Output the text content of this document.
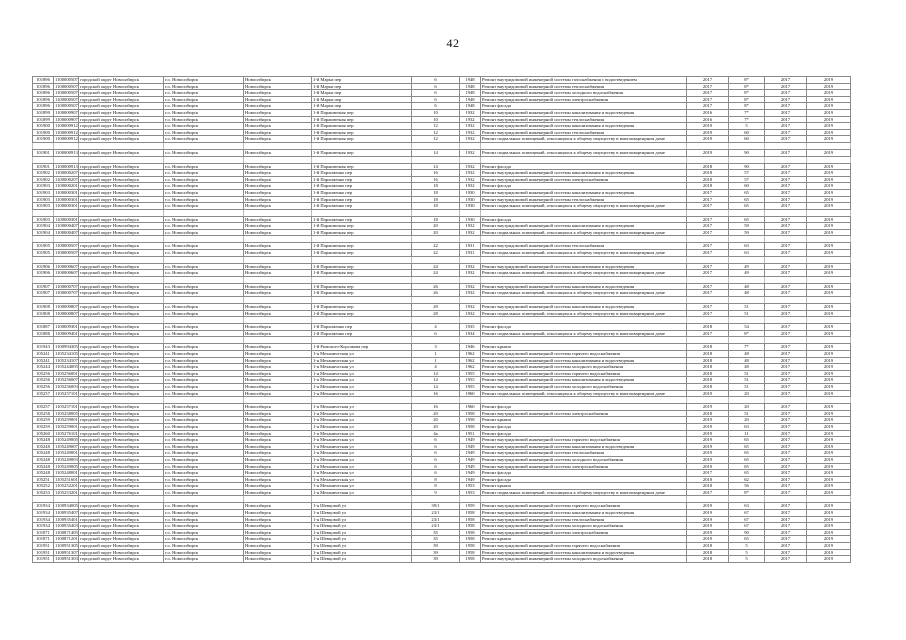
42
101896	1100000507	городской округ Новосибирск	г.о. Новосибирск	Новосибирск	1-й Марьи пер	6	1948	Ремонт внутридомовой инженерной системы газоснабжения с водоотведением	2017	8*	2017	2019
101896	1100000507	городской округ Новосибирск	г.о. Новосибирск	Новосибирск	1-й Марьи пер	6	1948	Ремонт внутридомовой инженерной системы теплоснабжения	2017	8*	2017	2019
101896	1100000507	городской округ Новосибирск	г.о. Новосибирск	Новосибирск	1-й Марьи пер	6	1948	Ремонт внутридомовой инженерной системы холодного водоснабжения	2017	8*	2017	2019
101896	1100000507	городской округ Новосибирск	г.о. Новосибирск	Новосибирск	1-й Марьи пер	6	1948	Ремонт внутридомовой инженерной системы электроснабжения	2017	8*	2017	2019
101896	1100000507	городской округ Новосибирск	г.о. Новосибирск	Новосибирск	1-й Марьи пер	6	1948	Ремонт фасада	2017	8*	2017	2019
101899	1100000907	городской округ Новосибирск	г.о. Новосибирск	Новосибирск	1-й Парашютная пер	10	1932	Ремонт внутридомовой инженерной системы канализования и водоотведения	2016	7*	2017	2019
101899	1100000907	городской округ Новосибирск	г.о. Новосибирск	Новосибирск	1-й Парашютная пер	10	1932	Ремонт внутридомовой инженерной системы теплоснабжения	2016	7*	2017	2019
101900	1100000912	городской округ Новосибирск	г.о. Новосибирск	Новосибирск	1-й Парашютная пер	12	1932	Ремонт внутридомовой инженерной системы канализования и водоотведения	2019	5	2017	2019
101900	1100000912	городской округ Новосибирск	г.о. Новосибирск	Новосибирск	1-й Парашютная пер	12	1932	Ремонт внутридомовой инженерной системы теплоснабжения	2019	60	2017	2019
101900	1100000912	городской округ Новосибирск	г.о. Новосибирск	Новосибирск	1-й Парашютная пер	12	1932	Ремонт подвальных помещений, относящихся к общему имуществу в многоквартирном доме	2019	60	2017	2019

101901	1100000913	городской округ Новосибирск	г.о. Новосибирск	Новосибирск	1-й Парашютная пер	14	1932	Ремонт подвальных помещений, относящихся к общему имуществу в многоквартирном доме	2019	90	2017	2019

101901	1100000913	городской округ Новосибирск	г.о. Новосибирск	Новосибирск	1-й Парашютная пер	14	1932	Ремонт фасада	2018	90	2017	2019
101902	1100000207	городской округ Новосибирск	г.о. Новосибирск	Новосибирск	1-й Пархоменко пер	16	1932	Ремонт внутридомовой инженерной системы канализования и водоотведения	2018	57	2017	2019
101902	1100000207	городской округ Новосибирск	г.о. Новосибирск	Новосибирск	1-й Пархоменко пер	16	1932	Ремонт внутридомовой инженерной системы электроснабжения	2018	57	2017	2019
101903	1100000201	городской округ Новосибирск	г.о. Новосибирск	Новосибирск	1-й Пархоменко пер	18	1932	Ремонт фасада	2018	60	2017	2019
101903	1100000301	городской округ Новосибирск	г.о. Новосибирск	Новосибирск	1-й Пархоменко пер	18	1930	Ремонт внутридомовой инженерной системы канализования и водоотведения	2017	65	2017	2019
101903	1100000301	городской округ Новосибирск	г.о. Новосибирск	Новосибирск	1-й Пархоменко пер	18	1930	Ремонт внутридомовой инженерной системы теплоснабжения	2017	65	2017	2019
101903	1100000301	городской округ Новосибирск	г.о. Новосибирск	Новосибирск	1-й Пархоменко пер	18	1930	Ремонт подвальных помещений, относящихся к общему имуществу в многоквартирном доме	2017	65	2017	2019

101903	1100000301	городской округ Новосибирск	г.о. Новосибирск	Новосибирск	1-й Пархоменко пер	18	1930	Ремонт фасада	2017	65	2017	2019
101904	1100000407	городской округ Новосибирск	г.о. Новосибирск	Новосибирск	1-й Парашютная пер	20	1932	Ремонт внутридомовой инженерной системы канализования и водоотведения	2017	59	2017	2019
101904	1100000407	городской округ Новосибирск	г.о. Новосибирск	Новосибирск	1-й Парашютная пер	20	1932	Ремонт подвальных помещений, относящихся к общему имуществу в многоквартирном доме	2017	59	2017	2019

101905	1100000507	городской округ Новосибирск	г.о. Новосибирск	Новосибирск	1-й Парашютная пер	22	1931	Ремонт внутридомовой инженерной системы теплоснабжения	2017	63	2017	2019
101905	1100000507	городской округ Новосибирск	г.о. Новосибирск	Новосибирск	1-й Парашютная пер	22	1931	Ремонт подвальных помещений, относящихся к общему имуществу в многоквартирном доме	2017	63	2017	2019

101906	1100000607	городской округ Новосибирск	г.о. Новосибирск	Новосибирск	1-й Парашютная пер	24	1932	Ремонт внутридомовой инженерной системы канализования и водоотведения	2017	49	2017	2019
101906	1100000607	городской округ Новосибирск	г.о. Новосибирск	Новосибирск	1-й Парашютная пер	24	1932	Ремонт подвальных помещений, относящихся к общему имуществу в многоквартирном доме	2017	49	2017	2019

101907	1100000707	городской округ Новосибирск	г.о. Новосибирск	Новосибирск	1-й Парашютная пер	26	1932	Ремонт внутридомовой инженерной системы канализования и водоотведения	2017	48	2017	2019
101907	1100000707	городской округ Новосибирск	г.о. Новосибирск	Новосибирск	1-й Парашютная пер	26	1932	Ремонт подвальных помещений, относящихся к общему имуществу в многоквартирном доме	2017	48	2017	2019

101908	1100000807	городской округ Новосибирск	г.о. Новосибирск	Новосибирск	1-й Парашютная пер	28	1932	Ремонт внутридомовой инженерной системы канализования и водоотведения	2017	51	2017	2019
101908	1100000807	городской округ Новосибирск	г.о. Новосибирск	Новосибирск	1-й Парашютная пер	28	1932	Ремонт подвальных помещений, относящихся к общему имуществу в многоквартирном доме	2017	51	2017	2019

101887	1100009301	городской округ Новосибирск	г.о. Новосибирск	Новосибирск	1-й Пархоменко пер	4	1935	Ремонт фасада	2018	54	2017	2019
101888	1100009401	городской округ Новосибирск	г.о. Новосибирск	Новосибирск	1-й Пархоменко пер	6	1934	Ремонт подвальных помещений, относящихся к общему имуществу в многоквартирном доме	2017	8*	2017	2019

101943	1100994305	городской округ Новосибирск	г.о. Новосибирск	Новосибирск	1-й Римского-Корсакова пер	3	1946	Ремонт крыши	2018	7*	2017	2019
105241	1105234105	городской округ Новосибирск	г.о. Новосибирск	Новосибирск	1-я Механическая ул	1	1962	Ремонт внутридомовой инженерной системы горячего водоснабжения	2018	48	2017	2019
105241	1105234107	городской округ Новосибирск	г.о. Новосибирск	Новосибирск	1-я Механическая ул	1	1962	Ремонт внутридомовой инженерной системы канализования и водоотведения	2018	48	2017	2019
105244	1105244005	городской округ Новосибирск	г.о. Новосибирск	Новосибирск	1-я Механическая ул	4	1962	Ремонт внутридомовой инженерной системы холодного водоснабжения	2018	48	2017	2019
105256	1105256001	городской округ Новосибирск	г.о. Новосибирск	Новосибирск	1-я Механическая ул	14	1955	Ремонт внутридомовой инженерной системы горячего водоснабжения	2018	51	2017	2019
105256	1105256007	городской округ Новосибирск	г.о. Новосибирск	Новосибирск	1-я Механическая ул	14	1955	Ремонт внутридомовой инженерной системы канализования и водоотведения	2018	51	2017	2019
105256	1105256003	городской округ Новосибирск	г.о. Новосибирск	Новосибирск	1-я Механическая ул	14	1955	Ремонт внутридомовой инженерной системы холодного водоснабжения	2018	51	2017	2019
105257	1105257101	городской округ Новосибирск	г.о. Новосибирск	Новосибирск	1-я Механическая ул	16	1960	Ремонт подвальных помещений, относящихся к общему имуществу в многоквартирном доме	2019	20	2017	2019

105257	1105257101	городской округ Новосибирск	г.о. Новосибирск	Новосибирск	1-я Механическая ул	16	1960	Ремонт фасада	2019	20	2017	2019
105258	1105258005	городской округ Новосибирск	г.о. Новосибирск	Новосибирск	1-я Механическая ул	20	1958	Ремонт внутридомовой инженерной системы электроснабжения	2018	51	2017	2019
105259	1105259001	городской округ Новосибирск	г.о. Новосибирск	Новосибирск	1-я Механическая ул	20	1958	Ремонт крыши	2019	20	2017	2019
105259	1105259001	городской округ Новосибирск	г.о. Новосибирск	Новосибирск	1-я Механическая ул	20	1958	Ремонт фасада	2019	63	2017	2019
105260	1105276101	городской округ Новосибирск	г.о. Новосибирск	Новосибирск	1-я Механическая ул	4а	1951	Ремонт фасада	2019	11	2017	2019
105248	1105249005	городской округ Новосибирск	г.о. Новосибирск	Новосибирск	1-я Механическая ул	6	1949	Ремонт внутридомовой инженерной системы горячего водоснабжения	2019	65	2017	2019
105248	1105249007	городской округ Новосибирск	г.о. Новосибирск	Новосибирск	1-я Механическая ул	6	1949	Ремонт внутридомовой инженерной системы канализования и водоотведения	2019	65	2017	2019
105248	1105249001	городской округ Новосибирск	г.о. Новосибирск	Новосибирск	1-я Механическая ул	6	1949	Ремонт внутридомовой инженерной системы теплоснабжения	2019	65	2017	2019
105248	1105249003	городской округ Новосибирск	г.о. Новосибирск	Новосибирск	1-я Механическая ул	6	1949	Ремонт внутридомовой инженерной системы холодного водоснабжения	2019	65	2017	2019
105248	1105249005	городской округ Новосибирск	г.о. Новосибирск	Новосибирск	1-я Механическая ул	6	1949	Ремонт внутридомовой инженерной системы электроснабжения	2019	65	2017	2019
105248	1105248001	городской округ Новосибирск	г.о. Новосибирск	Новосибирск	1-я Механическая ул	6	1949	Ремонт фасада	2017	65	2017	2019
105251	1105251601	городской округ Новосибирск	г.о. Новосибирск	Новосибирск	1-я Механическая ул	8	1949	Ремонт фасада	2018	62	2017	2019
105252	1105252201	городской округ Новосибирск	г.о. Новосибирск	Новосибирск	1-я Механическая ул	8	1953	Ремонт крыши	2018	56	2017	2019
105253	1105253201	городской округ Новосибирск	г.о. Новосибирск	Новосибирск	1-я Механическая ул	9	1953	Ремонт подвальных помещений, относящихся к общему имуществу в многоквартирном доме	2017	8*	2017	2019

101934	1100934005	городской округ Новосибирск	г.о. Новосибирск	Новосибирск	1-я Шевцовой ул	39/1	1959	Ремонт внутридомовой инженерной системы горячего водоснабжения	2019	63	2017	2019
101934	1100935407	городской округ Новосибирск	г.о. Новосибирск	Новосибирск	1-я Шевцовой ул	23/1	1958	Ремонт внутридомовой инженерной системы канализования и водоотведения	2019	67	2017	2019
101934	1100935401	городской округ Новосибирск	г.о. Новосибирск	Новосибирск	1-я Шевцовой ул	23/1	1958	Ремонт внутридомовой инженерной системы теплоснабжения	2019	67	2017	2019
101934	1100935403	городской округ Новосибирск	г.о. Новосибирск	Новосибирск	1-я Шевцовой ул	23/1	1958	Ремонт внутридомовой инженерной системы холодного водоснабжения	2019	67	2017	2019
101871	1100871405	городской округ Новосибирск	г.о. Новосибирск	Новосибирск	1-я Шевцовой ул	35	1958	Ремонт внутридомовой инженерной системы электроснабжения	2019	90	2017	2019
101871	1100871201	городской округ Новосибирск	г.о. Новосибирск	Новосибирск	1-я Шевцовой ул	35	1958	Ремонт крыши	2019	65	2017	2019
101951	1100951305	городской округ Новосибирск	г.о. Новосибирск	Новосибирск	1-я Шевцовой ул	39	1958	Ремонт внутридомовой инженерной системы горячего водоснабжения	2018	5	2017	2019
101951	1100951307	городской округ Новосибирск	г.о. Новосибирск	Новосибирск	1-я Шевцовой ул	39	1958	Ремонт внутридомовой инженерной системы канализования и водоотведения	2018	5	2017	2019
101951	1100951303	городской округ Новосибирск	г.о. Новосибирск	Новосибирск	1-я Шевцовой ул	39	1958	Ремонт внутридомовой инженерной системы холодного водоснабжения	2018	5	2017	2019
